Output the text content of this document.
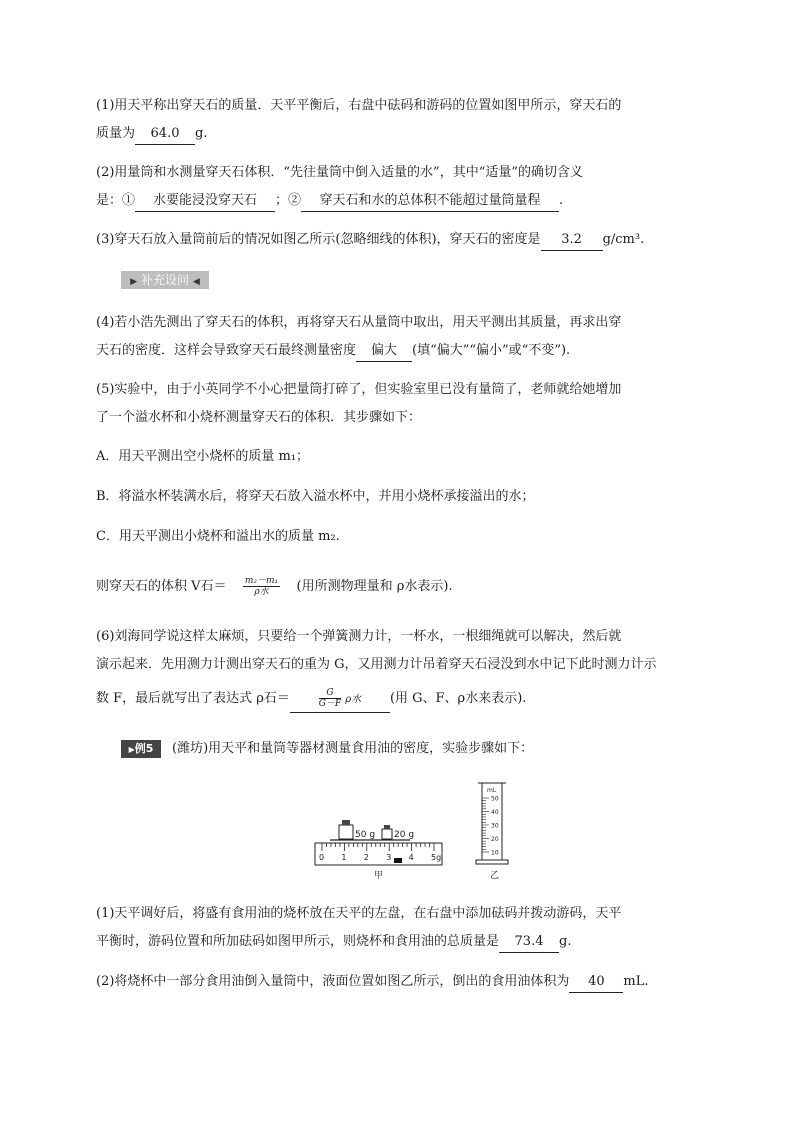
(1)用天平称出穿天石的质量．天平平衡后，右盘中砝码和游码的位置如图甲所示，穿天石的
质量为 64.0 g.
(2)用量筒和水测量穿天石体积．“先往量筒中倒入适量的水”，其中“适量”的确切含义
是：① 水要能浸没穿天石 ；② 穿天石和水的总体积不能超过量筒量程 .
(3)穿天石放入量筒前后的情况如图乙所示(忽略细线的体积)，穿天石的密度是 3.2 g/cm³.
▶ 补充设问 ◀
(4)若小浩先测出了穿天石的体积，再将穿天石从量筒中取出，用天平测出其质量，再求出穿
天石的密度．这样会导致穿天石最终测量密度 偏大 (填“偏大”“偏小”或“不变”).
(5)实验中，由于小英同学不小心把量筒打碎了，但实验室里已没有量筒了，老师就给她增加
了一个溢水杯和小烧杯测量穿天石的体积．其步骤如下：
A．用天平测出空小烧杯的质量 m₁；
B．将溢水杯装满水后，将穿天石放入溢水杯中，并用小烧杯承接溢出的水；
C．用天平测出小烧杯和溢出水的质量 m₂.
则穿天石的体积 V石＝ $\frac{\text{m₂－m₁}}{\text{ρ水}}$ (用所测物理量和 ρ水表示).
(6)刘海同学说这样太麻烦，只要给一个弹簧测力计，一杯水，一根细绳就可以解决，然后就
演示起来．先用测力计测出穿天石的重为 G，又用测力计吊着穿天石浸没到水中记下此时测力计示
数 F，最后就写出了表达式 ρ石＝	$\frac{G}{G-F}$ ρ水 (用 G、F、ρ水来表示).
▶例5	(潍坊)用天平和量筒等器材测量食用油的密度，实验步骤如下：
50 g 20 g
0 1 2 3 4 5g
甲
mL
50
40
30
20
10
乙
(1)天平调好后，将盛有食用油的烧杯放在天平的左盘，在右盘中添加砝码并拨动游码，天平
平衡时，游码位置和所加砝码如图甲所示，则烧杯和食用油的总质量是 73.4 g.
(2)将烧杯中一部分食用油倒入量筒中，液面位置如图乙所示，倒出的食用油体积为 40 mL.
